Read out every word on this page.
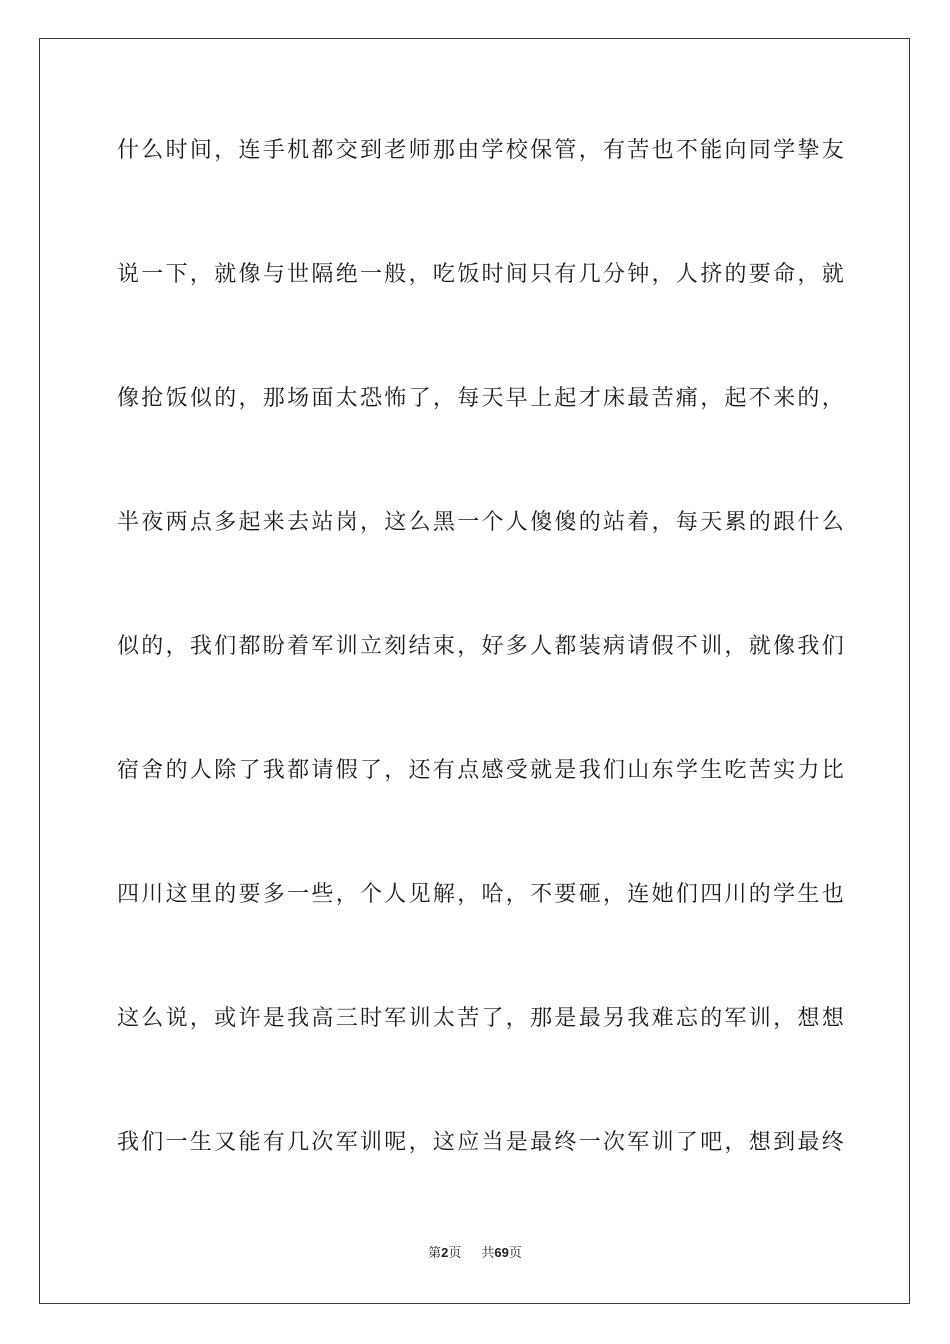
什么时间，连手机都交到老师那由学校保管，有苦也不能向同学挚友
说一下，就像与世隔绝一般，吃饭时间只有几分钟，人挤的要命，就
像抢饭似的，那场面太恐怖了，每天早上起才床最苦痛，起不来的，
半夜两点多起来去站岗，这么黑一个人傻傻的站着，每天累的跟什么
似的，我们都盼着军训立刻结束，好多人都装病请假不训，就像我们
宿舍的人除了我都请假了，还有点感受就是我们山东学生吃苦实力比
四川这里的要多一些，个人见解，哈，不要砸，连她们四川的学生也
这么说，或许是我高三时军训太苦了，那是最另我难忘的军训，想想
我们一生又能有几次军训呢，这应当是最终一次军训了吧，想到最终
第2页 共69页
